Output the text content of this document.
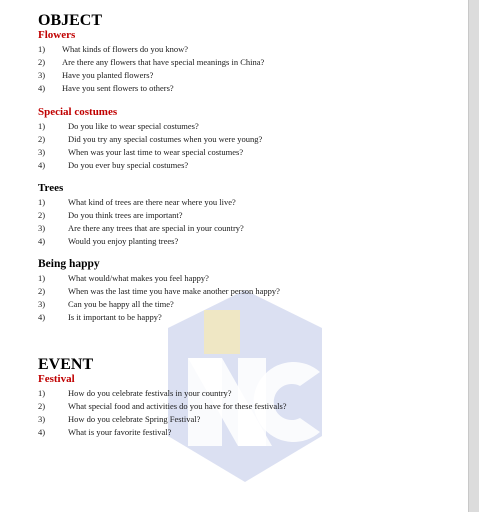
OBJECT
Flowers
1)	What kinds of flowers do you know?
2)	Are there any flowers that have special meanings in China?
3)	Have you planted flowers?
4)	Have you sent flowers to others?
Special costumes
1)	Do you like to wear special costumes?
2)	Did you try any special costumes when you were young?
3)	When was your last time to wear special costumes?
4)	Do you ever buy special costumes?
Trees
1)	What kind of trees are there near where you live?
2)	Do you think trees are important?
3)	Are there any trees that are special in your country?
4)	Would you enjoy planting trees?
Being happy
1)	What would/what makes you feel happy?
2)	When was the last time you have make another person happy?
3)	Can you be happy all the time?
4)	Is it important to be happy?
EVENT
Festival
1)	How do you celebrate festivals in your country?
2)	What special food and activities do you have for these festivals?
3)	How do you celebrate Spring Festival?
4)	What is your favorite festival?
